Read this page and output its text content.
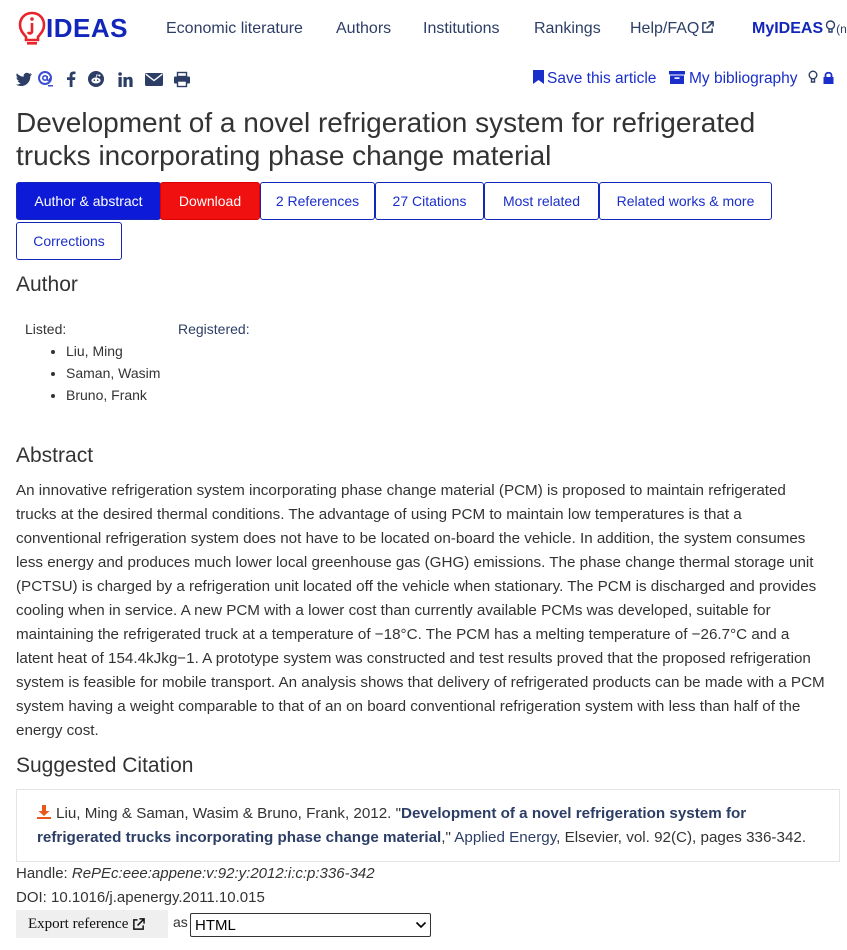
IDEAS Economic literature Authors Institutions Rankings Help/FAQ	MyIDEAS (n
Save this article	My bibliography
Development of a novel refrigeration system for refrigerated trucks incorporating phase change material
Author & abstract	Download	2 References	27 Citations	Most related	Related works & more
Corrections
Author
Listed:	Registered:
• Liu, Ming
• Saman, Wasim
• Bruno, Frank
Abstract

An innovative refrigeration system incorporating phase change material (PCM) is proposed to maintain refrigerated trucks at the desired thermal conditions. The advantage of using PCM to maintain low temperatures is that a conventional refrigeration system does not have to be located on-board the vehicle. In addition, the system consumes less energy and produces much lower local greenhouse gas (GHG) emissions. The phase change thermal storage unit (PCTSU) is charged by a refrigeration unit located off the vehicle when stationary. The PCM is discharged and provides cooling when in service. A new PCM with a lower cost than currently available PCMs was developed, suitable for maintaining the refrigerated truck at a temperature of −18°C. The PCM has a melting temperature of −26.7°C and a latent heat of 154.4kJkg−1. A prototype system was constructed and test results proved that the proposed refrigeration system is feasible for mobile transport. An analysis shows that delivery of refrigerated products can be made with a PCM system having a weight comparable to that of an on board conventional refrigeration system with less than half of the energy cost.

Suggested Citation
Liu, Ming & Saman, Wasim & Bruno, Frank, 2012. "Development of a novel refrigeration system for refrigerated trucks incorporating phase change material," Applied Energy, Elsevier, vol. 92(C), pages 336-342.
Handle: RePEc:eee:appene:v:92:y:2012:i:c:p:336-342
DOI: 10.1016/j.apenergy.2011.10.015
Export reference	as HTML
